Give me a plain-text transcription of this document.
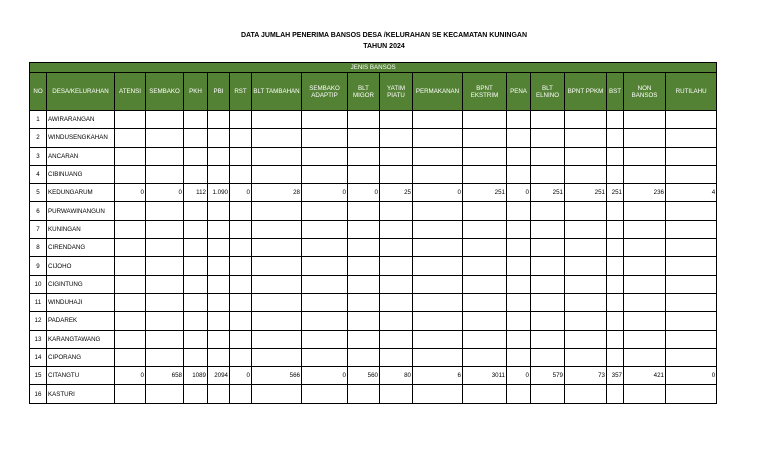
DATA JUMLAH PENERIMA BANSOS DESA /KELURAHAN SE KECAMATAN KUNINGAN
TAHUN 2024
JENIS BANSOS																		
NO	DESA/KELURAHAN	ATENSI	SEMBAKO	PKH	PBI	RST	BLT TAMBAHAN	SEMBAKO ADAPTIP	BLT MIGOR	YATIM PIATU	PERMAKANAN	BPNT EKSTRIM	PENA	BLT ELNINO	BPNT PPKM	BST	NON BANSOS	RUTILAHU
1	AWIRARANGAN																	
2	WINDUSENGKAHAN																	
3	ANCARAN																	
4	CIBINUANG																	
5	KEDUNGARUM	0	0	112	1.090	0	28	0	0	25	0	251	0	251	251	251	236	4
6	PURWAWINANGUN																	
7	KUNINGAN																	
8	CIRENDANG																	
9	CIJOHO																	
10	CIGINTUNG																	
11	WINDUHAJI																	
12	PADAREK																	
13	KARANGTAWANG																	
14	CIPORANG																	
15	CITANGTU	0	658	1089	2094	0	566	0	560	80	6	3011	0	579	73	357	421	0
16	KASTURI																	
